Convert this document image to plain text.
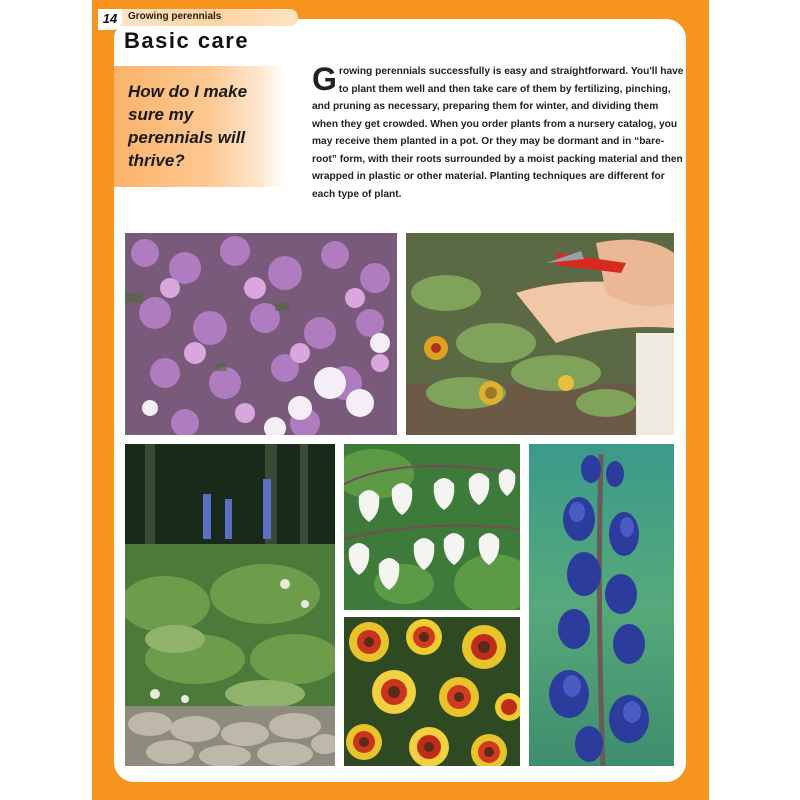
14	Growing perennials
Basic care
How do I make sure my perennials will thrive?
Growing perennials successfully is easy and straightforward. You'll have to plant them well and then take care of them by fertilizing, pinching, and pruning as necessary, preparing them for winter, and dividing them when they get crowded. When you order plants from a nursery catalog, you may receive them planted in a pot. Or they may be dormant and in “bare-root” form, with their roots surrounded by a moist packing material and then wrapped in plastic or other material. Planting techniques are different for each type of plant.
